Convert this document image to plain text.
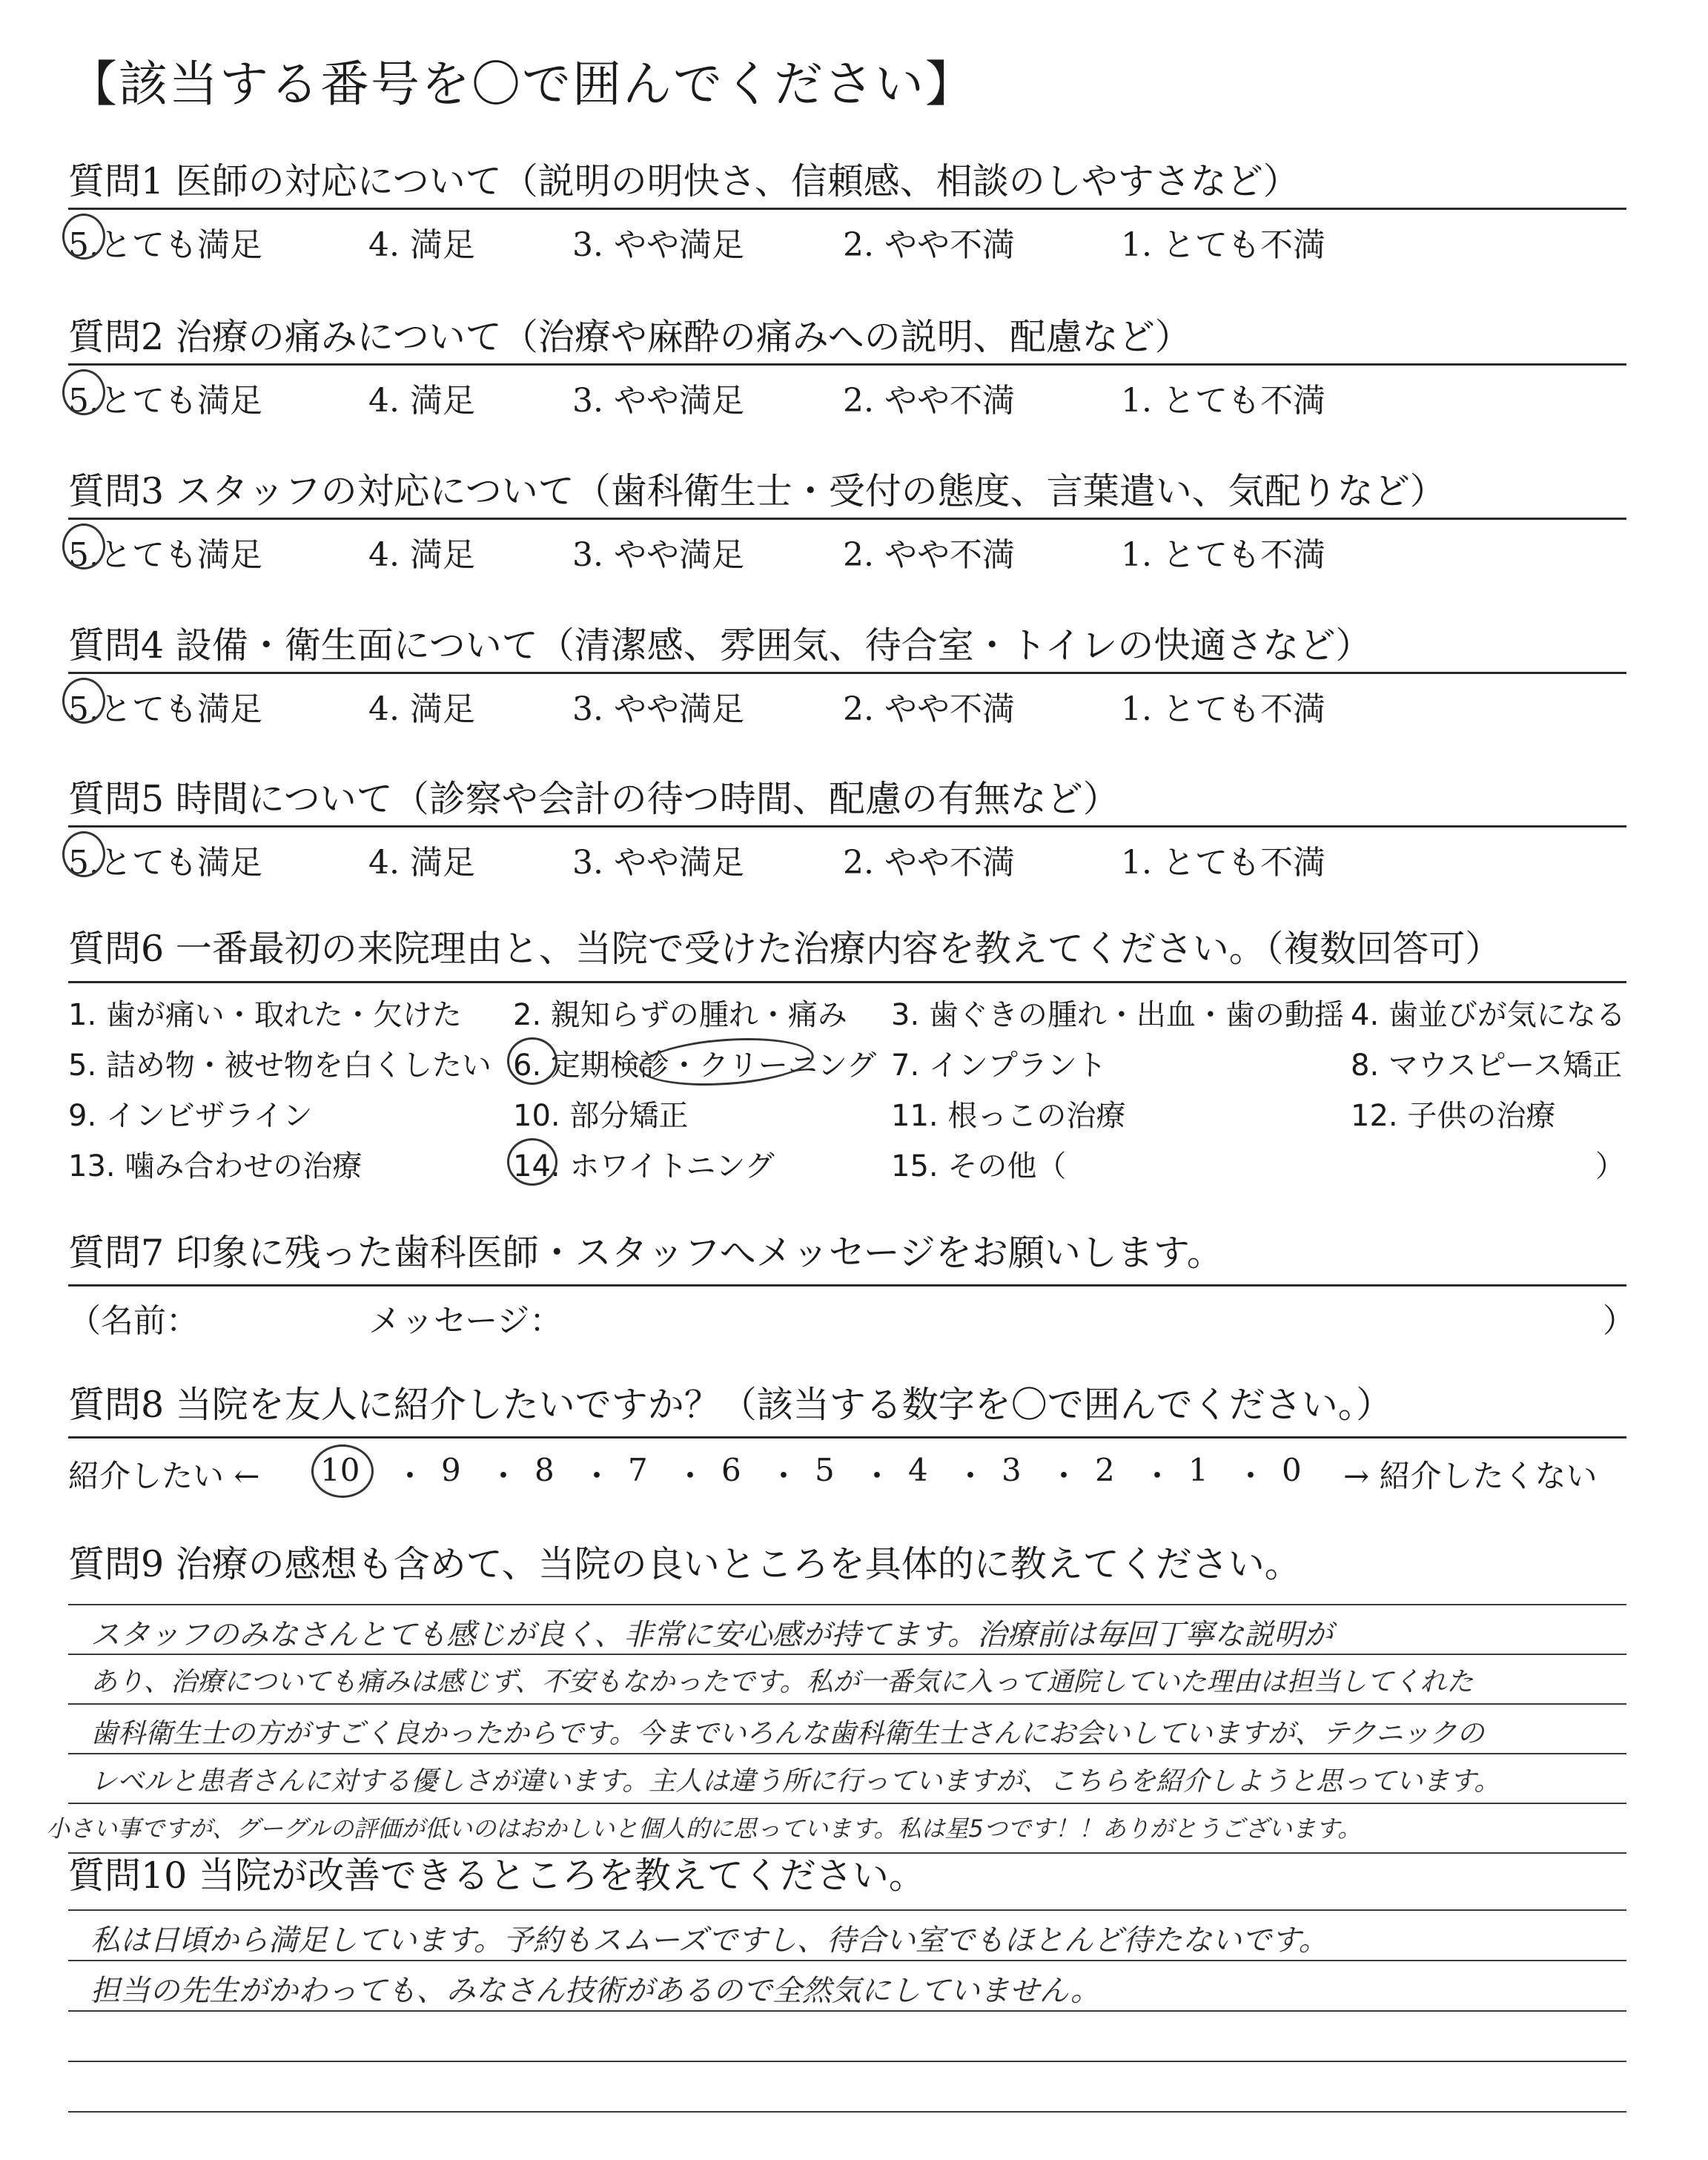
【該当する番号を〇で囲んでください】
質問1 医師の対応について（説明の明快さ、信頼感、相談のしやすさなど）
5.とても満足	4. 満足	3. やや満足	2. やや不満	1. とても不満
質問2 治療の痛みについて（治療や麻酔の痛みへの説明、配慮など）
5.とても満足	4. 満足	3. やや満足	2. やや不満	1. とても不満
質問3 スタッフの対応について（歯科衛生士・受付の態度、言葉遣い、気配りなど）
5.とても満足	4. 満足	3. やや満足	2. やや不満	1. とても不満
質問4 設備・衛生面について（清潔感、雰囲気、待合室・トイレの快適さなど）
5.とても満足	4. 満足	3. やや満足	2. やや不満	1. とても不満
質問5 時間について（診察や会計の待つ時間、配慮の有無など）
5.とても満足	4. 満足	3. やや満足	2. やや不満	1. とても不満
質問6 一番最初の来院理由と、当院で受けた治療内容を教えてください。（複数回答可）
1. 歯が痛い・取れた・欠けた 2. 親知らずの腫れ・痛み 3. 歯ぐきの腫れ・出血・歯の動揺 4. 歯並びが気になる
5. 詰め物・被せ物を白くしたい 6. 定期検診・クリーニング 7. インプラント	8. マウスピース矯正
9. インビザライン	10. 部分矯正	11. 根っこの治療	12. 子供の治療
13. 噛み合わせの治療	14. ホワイトニング	15. その他（	）
質問7 印象に残った歯科医師・スタッフへメッセージをお願いします。
（名前：	メッセージ：	）
質問8 当院を友人に紹介したいですか？（該当する数字を〇で囲んでください。）
紹介したい ← 10 ・ 9 ・ 8 ・ 7 ・ 6 ・ 5 ・ 4 ・ 3 ・ 2 ・ 1 ・ 0 → 紹介したくない
質問9 治療の感想も含めて、当院の良いところを具体的に教えてください。
スタッフのみなさんとても感じが良く、非常に安心感が持てます。治療前は毎回丁寧な説明が
あり、治療についても痛みは感じず、不安もなかったです。私が一番気に入って通院していた理由は担当してくれた
歯科衛生士の方がすごく良かったからです。今までいろんな歯科衛生士さんにお会いしていますが、テクニックの
レベルと患者さんに対する優しさが違います。主人は違う所に行っていますが、こちらを紹介しようと思っています。
小さい事ですが、グーグルの評価が低いのはおかしいと個人的に思っています。私は星5つです！！ありがとうございます。
質問10 当院が改善できるところを教えてください。
私は日頃から満足しています。予約もスムーズですし、待合い室でもほとんど待たないです。
担当の先生がかわっても、みなさん技術があるので全然気にしていません。
